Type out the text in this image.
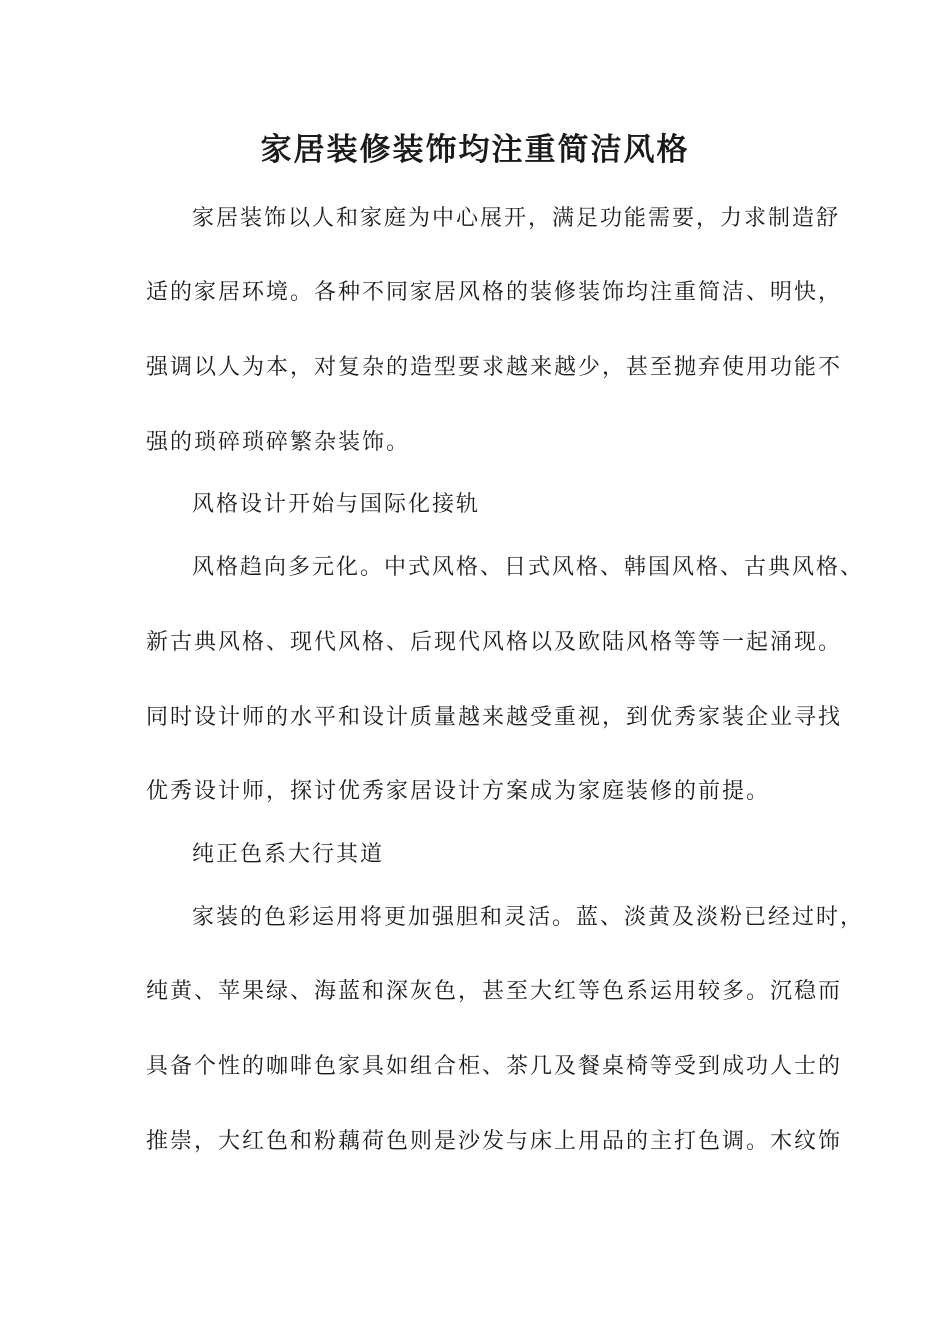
家居装修装饰均注重简洁风格

家居装饰以人和家庭为中心展开，满足功能需要，力求制造舒

适的家居环境。各种不同家居风格的装修装饰均注重简洁、明快，

强调以人为本，对复杂的造型要求越来越少，甚至抛弃使用功能不

强的琐碎琐碎繁杂装饰。

风格设计开始与国际化接轨

风格趋向多元化。中式风格、日式风格、韩国风格、古典风格、

新古典风格、现代风格、后现代风格以及欧陆风格等等一起涌现。

同时设计师的水平和设计质量越来越受重视，到优秀家装企业寻找

优秀设计师，探讨优秀家居设计方案成为家庭装修的前提。

纯正色系大行其道

家装的色彩运用将更加强胆和灵活。蓝、淡黄及淡粉已经过时，

纯黄、苹果绿、海蓝和深灰色，甚至大红等色系运用较多。沉稳而

具备个性的咖啡色家具如组合柜、茶几及餐桌椅等受到成功人士的

推崇，大红色和粉藕荷色则是沙发与床上用品的主打色调。木纹饰
